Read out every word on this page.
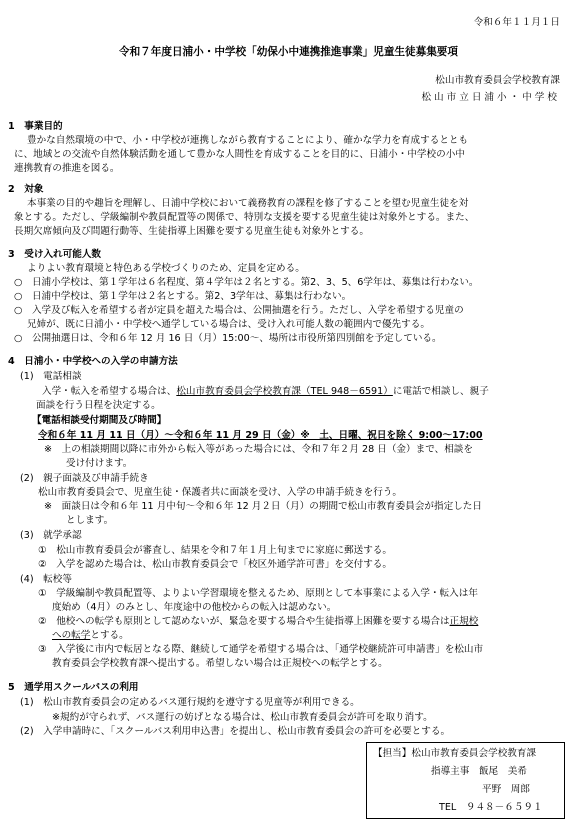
令和６年１１月１日
令和７年度日浦小・中学校「幼保小中連携推進事業」児童生徒募集要項
松山市教育委員会学校教育課
松山市立日浦小・中学校
1　事業目的
豊かな自然環境の中で、小・中学校が連携しながら教育することにより、確かな学力を育成するととも
に、地域との交流や自然体験活動を通して豊かな人間性を育成することを目的に、日浦小・中学校の小中
連携教育の推進を図る。
2　対象
本事業の目的や趣旨を理解し、日浦中学校において義務教育の課程を修了することを望む児童生徒を対
象とする。ただし、学級編制や教員配置等の関係で、特別な支援を要する児童生徒は対象外とする。また、
長期欠席傾向及び問題行動等、生徒指導上困難を要する児童生徒も対象外とする。
3　受け入れ可能人数
よりよい教育環境と特色ある学校づくりのため、定員を定める。
○　日浦小学校は、第１学年は６名程度、第４学年は２名とする。第2、3、5、6学年は、募集は行わない。
○　日浦中学校は、第１学年は２名とする。第2、3学年は、募集は行わない。
○　入学及び転入を希望する者が定員を超えた場合は、公開抽選を行う。ただし、入学を希望する児童の
兄姉が、既に日浦小・中学校へ通学している場合は、受け入れ可能人数の範囲内で優先する。
○　公開抽選日は、令和６年 12 月 16 日（月）15:00～、場所は市役所第四別館を予定している。
4　日浦小・中学校への入学の申請方法
(1)　電話相談
入学・転入を希望する場合は、松山市教育委員会学校教育課（TEL 948－6591）に電話で相談し、親子
面談を行う日程を決定する。
【電話相談受付期間及び時間】
令和６年 11 月 11 日（月）～令和６年 11 月 29 日（金）※　土、日曜、祝日を除く 9:00～17:00
※　上の相談期間以降に市外から転入等があった場合には、令和７年２月 28 日（金）まで、相談を
受け付けます。
(2)　親子面談及び申請手続き
松山市教育委員会で、児童生徒・保護者共に面談を受け、入学の申請手続きを行う。
※　面談日は令和６年 11 月中旬～令和６年 12 月２日（月）の期間で松山市教育委員会が指定した日
とします。
(3)　就学承認
①　松山市教育委員会が審査し、結果を令和７年１月上旬までに家庭に郵送する。
②　入学を認めた場合は、松山市教育委員会で「校区外通学許可書」を交付する。
(4)　転校等
①　学級編制や教員配置等、よりよい学習環境を整えるため、原則として本事業による入学・転入は年
度始め（4月）のみとし、年度途中の他校からの転入は認めない。
②　他校への転学も原則として認めないが、緊急を要する場合や生徒指導上困難を要する場合は正規校
への転学とする。
③　入学後に市内で転居となる際、継続して通学を希望する場合は、「通学校継続許可申請書」を松山市
教育委員会学校教育課へ提出する。希望しない場合は正規校への転学とする。
5　通学用スクールバスの利用
(1)　松山市教育委員会の定めるバス運行規約を遵守する児童等が利用できる。
※規約が守られず、バス運行の妨げとなる場合は、松山市教育委員会が許可を取り消す。
(2)　入学申請時に、「スクールバス利用申込書」を提出し、松山市教育委員会の許可を必要とする。
【担当】松山市教育委員会学校教育課
指導主事　飯尾　美希
平野　周郎
TEL　９４８－６５９１
